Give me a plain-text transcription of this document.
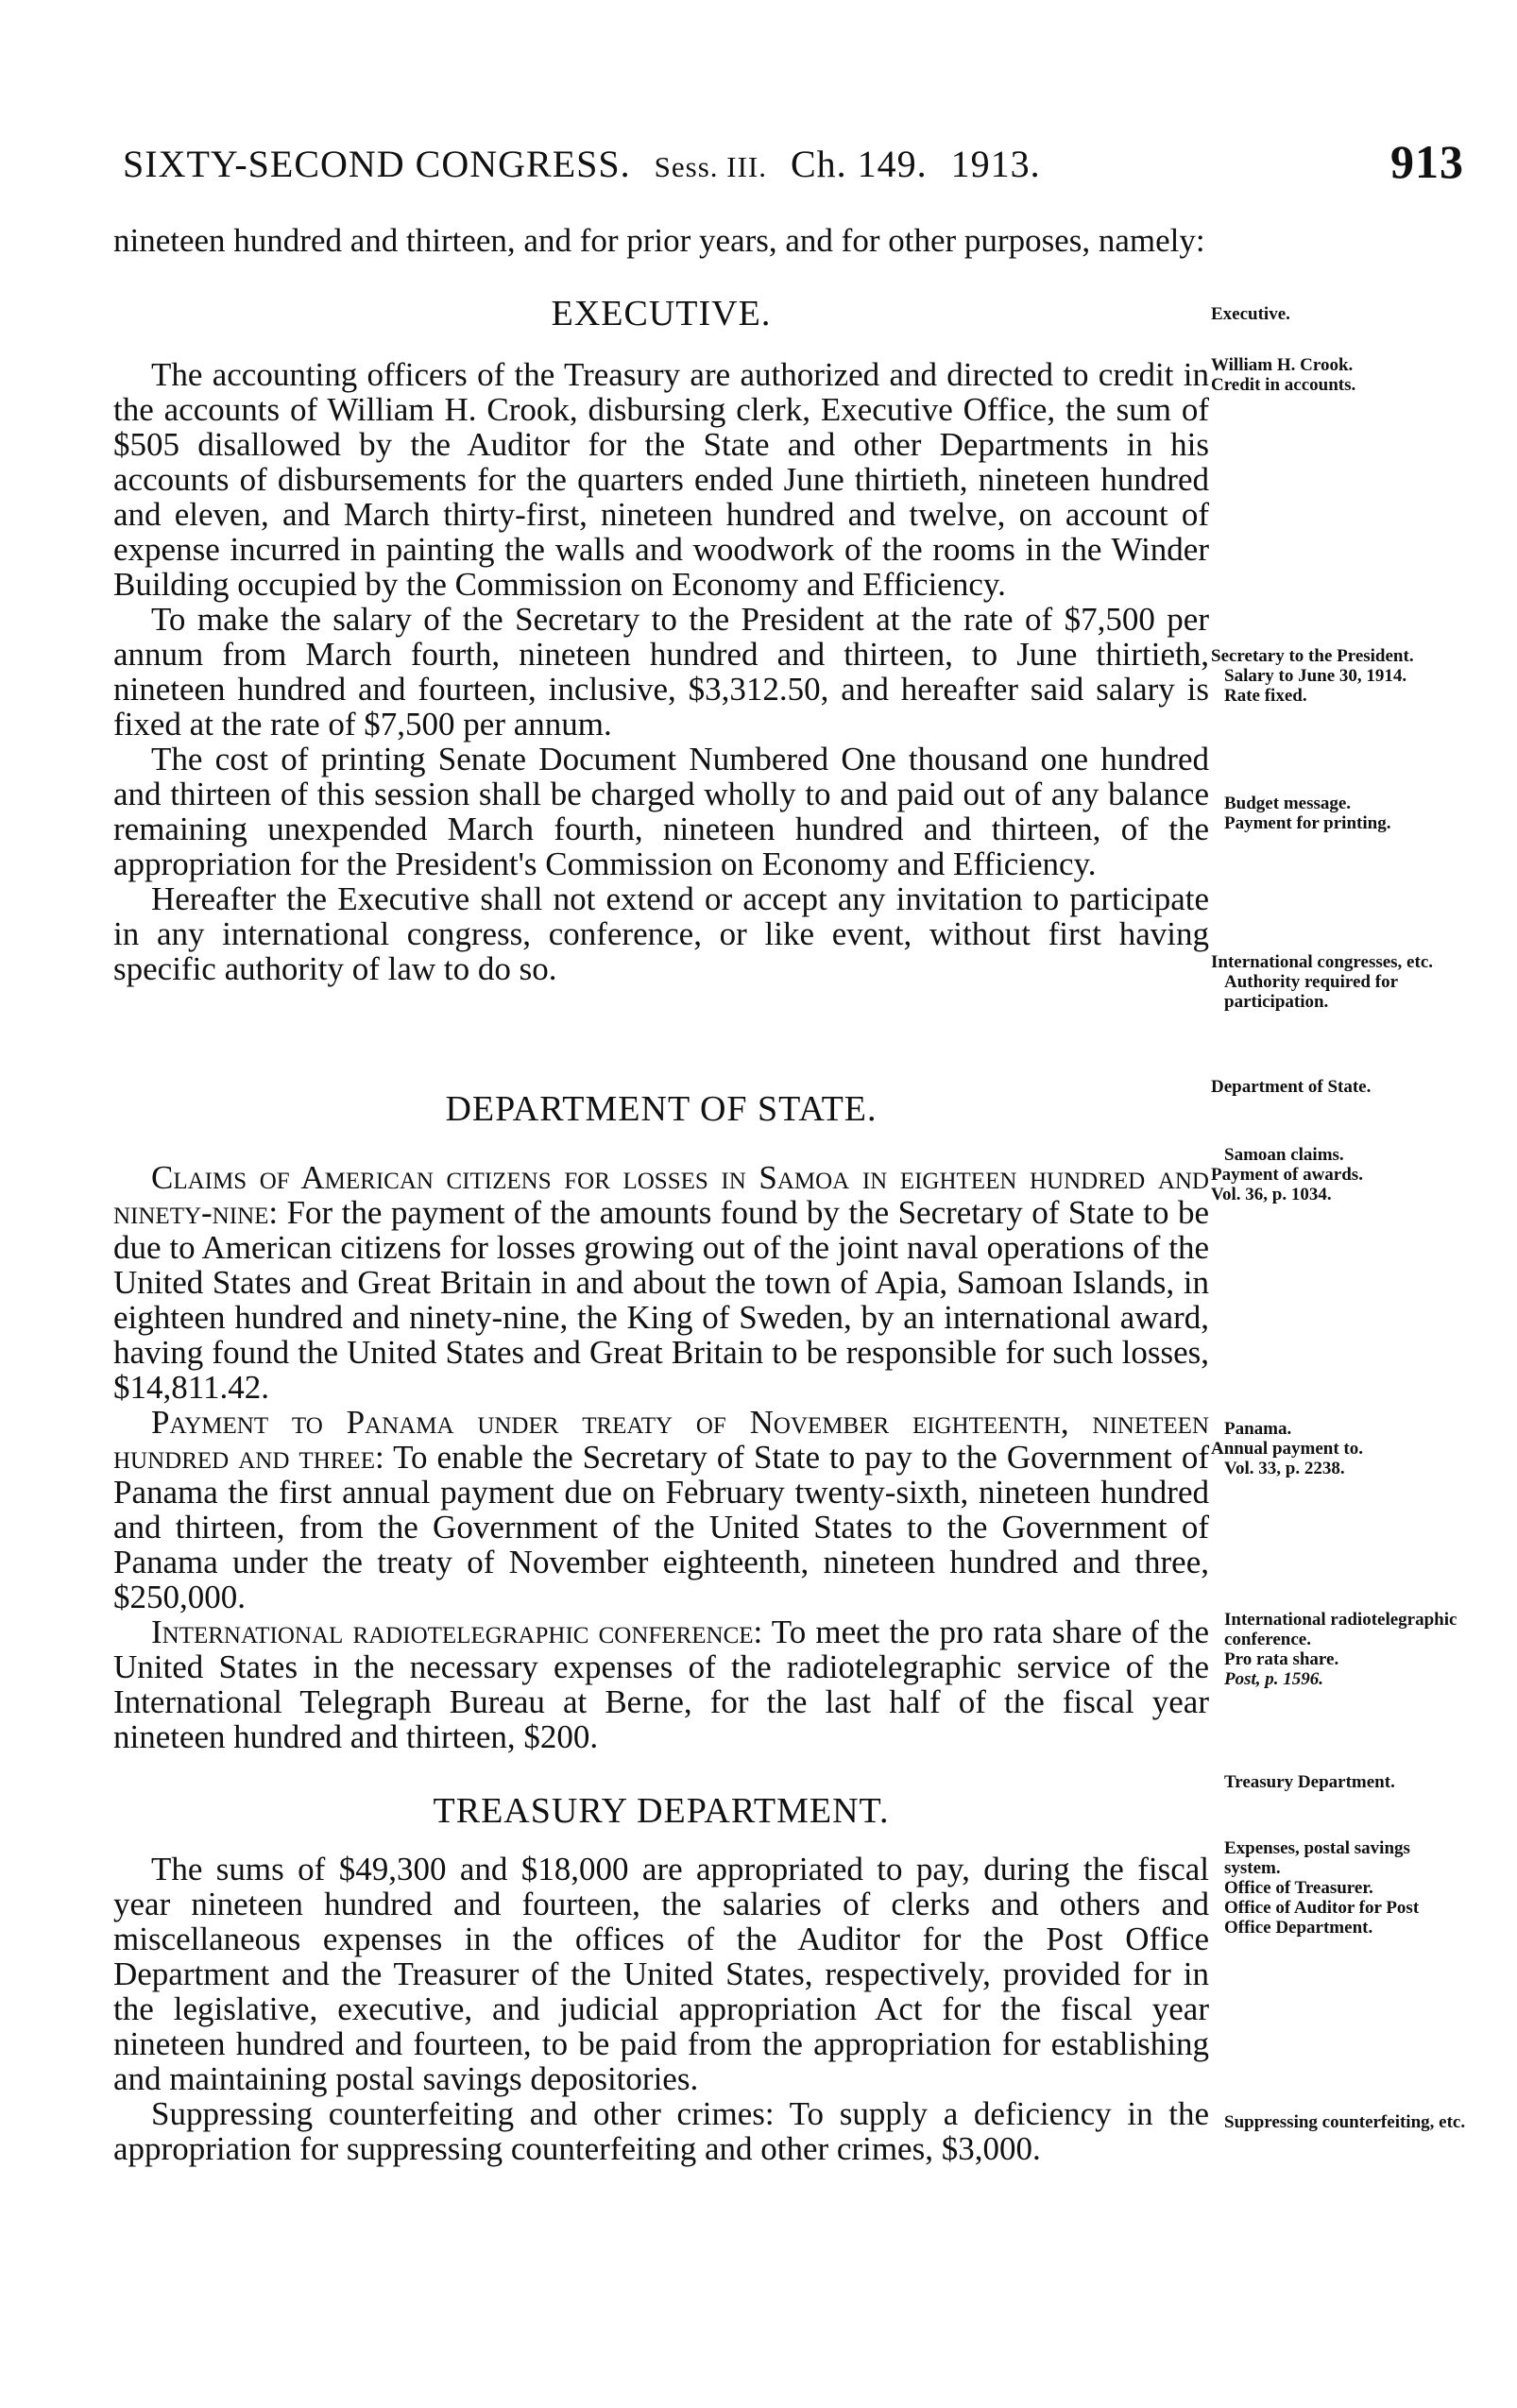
SIXTY-SECOND CONGRESS. Sess. III. Ch. 149. 1913.	913

nineteen hundred and thirteen, and for prior years, and for other purposes, namely:

EXECUTIVE.

The accounting officers of the Treasury are authorized and directed to credit in the accounts of William H. Crook, disbursing clerk, Executive Office, the sum of $505 disallowed by the Auditor for the State and other Departments in his accounts of disbursements for the quarters ended June thirtieth, nineteen hundred and eleven, and March thirty-first, nineteen hundred and twelve, on account of expense incurred in painting the walls and woodwork of the rooms in the Winder Building occupied by the Commission on Economy and Efficiency.

To make the salary of the Secretary to the President at the rate of $7,500 per annum from March fourth, nineteen hundred and thirteen, to June thirtieth, nineteen hundred and fourteen, inclusive, $3,312.50, and hereafter said salary is fixed at the rate of $7,500 per annum.

The cost of printing Senate Document Numbered One thousand one hundred and thirteen of this session shall be charged wholly to and paid out of any balance remaining unexpended March fourth, nineteen hundred and thirteen, of the appropriation for the President's Commission on Economy and Efficiency.

Hereafter the Executive shall not extend or accept any invitation to participate in any international congress, conference, or like event, without first having specific authority of law to do so.

DEPARTMENT OF STATE.

Claims of American citizens for losses in Samoa in eighteen hundred and ninety-nine: For the payment of the amounts found by the Secretary of State to be due to American citizens for losses growing out of the joint naval operations of the United States and Great Britain in and about the town of Apia, Samoan Islands, in eighteen hundred and ninety-nine, the King of Sweden, by an international award, having found the United States and Great Britain to be responsible for such losses, $14,811.42.

Payment to Panama under treaty of November eighteenth, nineteen hundred and three: To enable the Secretary of State to pay to the Government of Panama the first annual payment due on February twenty-sixth, nineteen hundred and thirteen, from the Government of the United States to the Government of Panama under the treaty of November eighteenth, nineteen hundred and three, $250,000.

International radiotelegraphic conference: To meet the pro rata share of the United States in the necessary expenses of the radiotelegraphic service of the International Telegraph Bureau at Berne, for the last half of the fiscal year nineteen hundred and thirteen, $200.

TREASURY DEPARTMENT.

The sums of $49,300 and $18,000 are appropriated to pay, during the fiscal year nineteen hundred and fourteen, the salaries of clerks and others and miscellaneous expenses in the offices of the Auditor for the Post Office Department and the Treasurer of the United States, respectively, provided for in the legislative, executive, and judicial appropriation Act for the fiscal year nineteen hundred and fourteen, to be paid from the appropriation for establishing and maintaining postal savings depositories.

Suppressing counterfeiting and other crimes: To supply a deficiency in the appropriation for suppressing counterfeiting and other crimes, $3,000.

Executive.
William H. Crook.
Credit in accounts.
Secretary to the President.
Salary to June 30, 1914.
Rate fixed.
Budget message.
Payment for printing.
International congresses, etc.
Authority required for participation.
Department of State.
Samoan claims.
Payment of awards.
Vol. 36, p. 1034.
Panama.
Annual payment to.
Vol. 33, p. 2238.
International radiotelegraphic conference.
Pro rata share.
Post, p. 1596.
Treasury Department.
Expenses, postal savings system.
Office of Treasurer.
Office of Auditor for Post Office Department.
Suppressing counterfeiting, etc.
